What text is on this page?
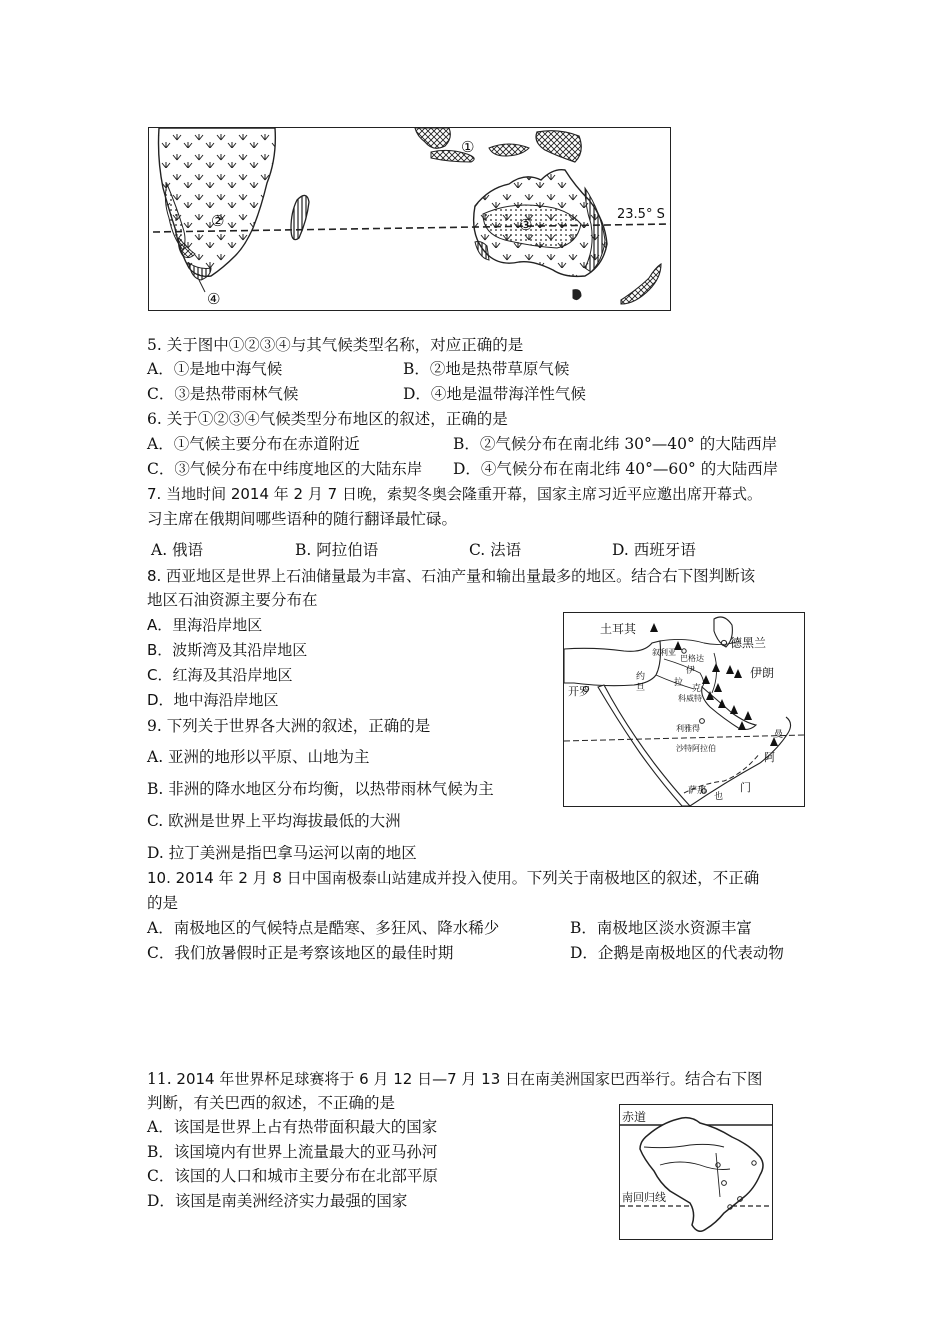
①
②	③
④
23.5° S
5. 关于图中①②③④与其气候类型名称，对应正确的是
A．①是地中海气候	B．②地是热带草原气候
C．③是热带雨林气候	D．④地是温带海洋性气候
6. 关于①②③④气候类型分布地区的叙述，正确的是
A．①气候主要分布在赤道附近	B．②气候分布在南北纬 30°—40° 的大陆西岸
C．③气候分布在中纬度地区的大陆东岸 D．④气候分布在南北纬 40°—60° 的大陆西岸
7. 当地时间 2014 年 2 月 7 日晚，索契冬奥会隆重开幕，国家主席习近平应邀出席开幕式。
习主席在俄期间哪些语种的随行翻译最忙碌。
A. 俄语	B. 阿拉伯语	C. 法语	D. 西班牙语
8. 西亚地区是世界上石油储量最为丰富、石油产量和输出量最多的地区。结合右下图判断该
地区石油资源主要分布在
A．里海沿岸地区
B．波斯湾及其沿岸地区
C．红海及其沿岸地区
D．地中海沿岸地区
土耳其
德黑兰
伊朗
叙利亚
巴格达
伊
拉
克
约
旦
开罗
科威特
利雅得
沙特阿拉伯
阿
曼
萨那
也
门
9. 下列关于世界各大洲的叙述，正确的是
A. 亚洲的地形以平原、山地为主
B. 非洲的降水地区分布均衡，以热带雨林气候为主
C. 欧洲是世界上平均海拔最低的大洲
D. 拉丁美洲是指巴拿马运河以南的地区
10. 2014 年 2 月 8 日中国南极泰山站建成并投入使用。下列关于南极地区的叙述，不正确
的是
A．南极地区的气候特点是酷寒、多狂风、降水稀少	B．南极地区淡水资源丰富
C．我们放暑假时正是考察该地区的最佳时期	D．企鹅是南极地区的代表动物
11. 2014 年世界杯足球赛将于 6 月 12 日—7 月 13 日在南美洲国家巴西举行。结合右下图
判断，有关巴西的叙述，不正确的是
A．该国是世界上占有热带面积最大的国家
B．该国境内有世界上流量最大的亚马孙河
C．该国的人口和城市主要分布在北部平原
D．该国是南美洲经济实力最强的国家
赤道
南回归线
